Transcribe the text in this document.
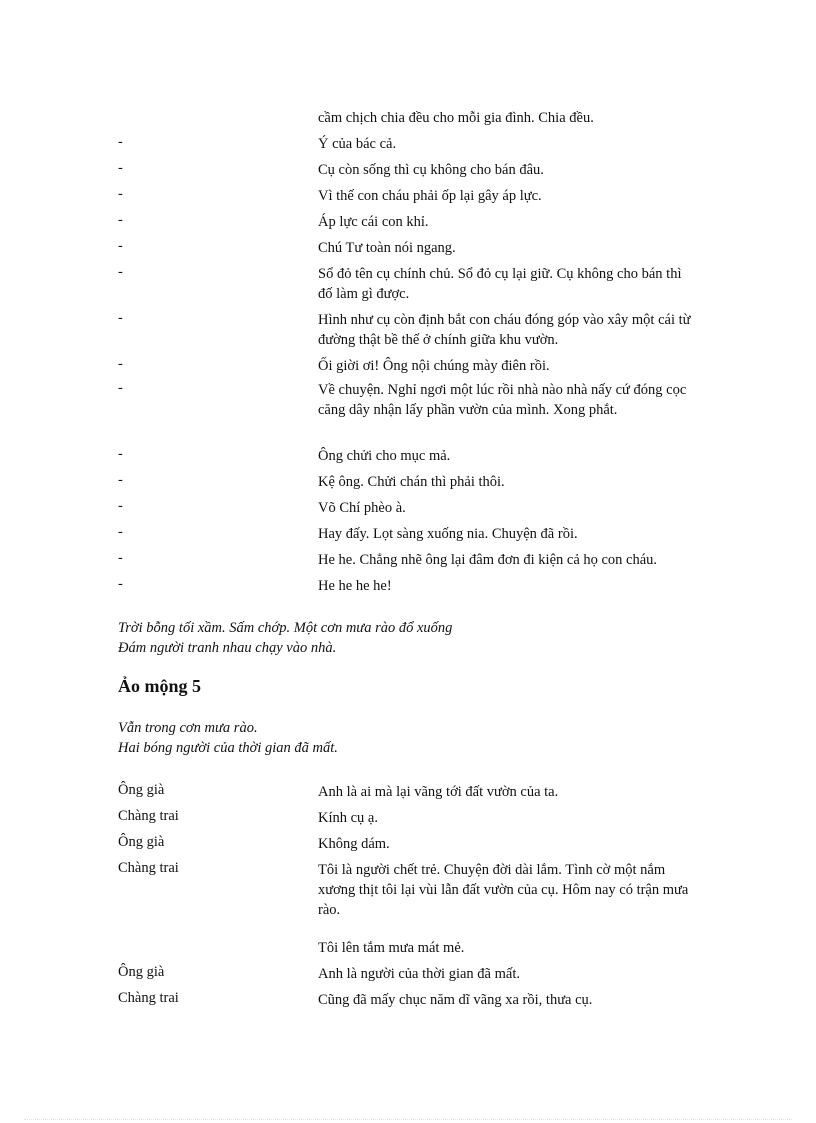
cầm chịch chia đều cho mỗi gia đình. Chia đều.
-	Ý của bác cả.
-	Cụ còn sống thì cụ không cho bán đâu.
-	Vì thế con cháu phải ốp lại gây áp lực.
-	Áp lực cái con khỉ.
-	Chú Tư toàn nói ngang.
-	Sổ đỏ tên cụ chính chủ. Sổ đỏ cụ lại giữ. Cụ không cho bán thì đố làm gì được.
-	Hình như cụ còn định bắt con cháu đóng góp vào xây một cái từ đường thật bề thế ở chính giữa khu vườn.
-	Ối giời ơi! Ông nội chúng mày điên rồi.
-	Về chuyện. Nghỉ ngơi một lúc rồi nhà nào nhà nấy cứ đóng cọc căng dây nhận lấy phần vườn của mình. Xong phắt.
-	Ông chửi cho mục mả.
-	Kệ ông. Chửi chán thì phải thôi.
-	Võ Chí phèo à.
-	Hay đấy. Lọt sàng xuống nia. Chuyện đã rồi.
-	He he. Chẳng nhẽ ông lại đâm đơn đi kiện cả họ con cháu.
-	He he he he!
Trời bỗng tối xầm. Sấm chớp. Một cơn mưa rào đổ xuống
Đám người tranh nhau chạy vào nhà.
Ảo mộng 5
Vẫn trong cơn mưa rào.
Hai bóng người của thời gian đã mất.
Ông già	Anh là ai mà lại vãng tới đất vườn của ta.
Chàng trai	Kính cụ ạ.
Ông già	Không dám.
Chàng trai	Tôi là người chết trẻ. Chuyện đời dài lắm. Tình cờ một nắm xương thịt tôi lại vùi lẫn đất vườn của cụ. Hôm nay có trận mưa rào.
Tôi lên tắm mưa mát mẻ.
Ông già	Anh là người của thời gian đã mất.
Chàng trai	Cũng đã mấy chục năm dĩ vãng xa rồi, thưa cụ.
